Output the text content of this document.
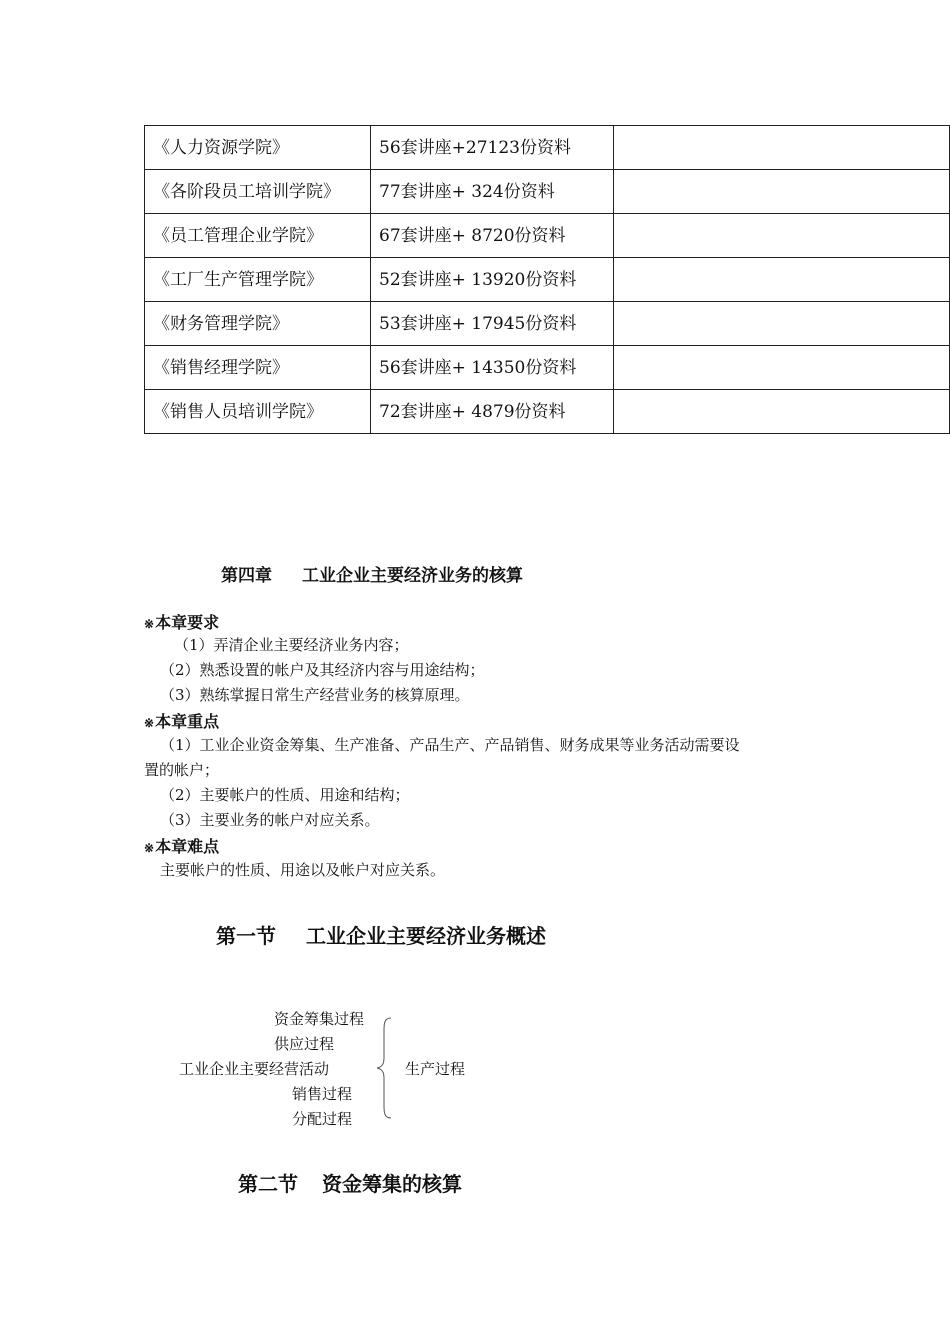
《人力资源学院》	56套讲座+27123份资料	
《各阶段员工培训学院》	77套讲座+ 324份资料	
《员工管理企业学院》	67套讲座+ 8720份资料	
《工厂生产管理学院》	52套讲座+ 13920份资料	
《财务管理学院》	53套讲座+ 17945份资料	
《销售经理学院》	56套讲座+ 14350份资料	
《销售人员培训学院》	72套讲座+ 4879份资料	
第四章 工业企业主要经济业务的核算
※本章要求
（1）弄清企业主要经济业务内容；
（2）熟悉设置的帐户及其经济内容与用途结构；
（3）熟练掌握日常生产经营业务的核算原理。
※本章重点
（1）工业企业资金筹集、生产准备、产品生产、产品销售、财务成果等业务活动需要设
置的帐户；
（2）主要帐户的性质、用途和结构；
（3）主要业务的帐户对应关系。
※本章难点
主要帐户的性质、用途以及帐户对应关系。
第一节 工业企业主要经济业务概述
资金筹集过程
供应过程
工业企业主要经营活动
销售过程
分配过程
生产过程
第二节 资金筹集的核算
